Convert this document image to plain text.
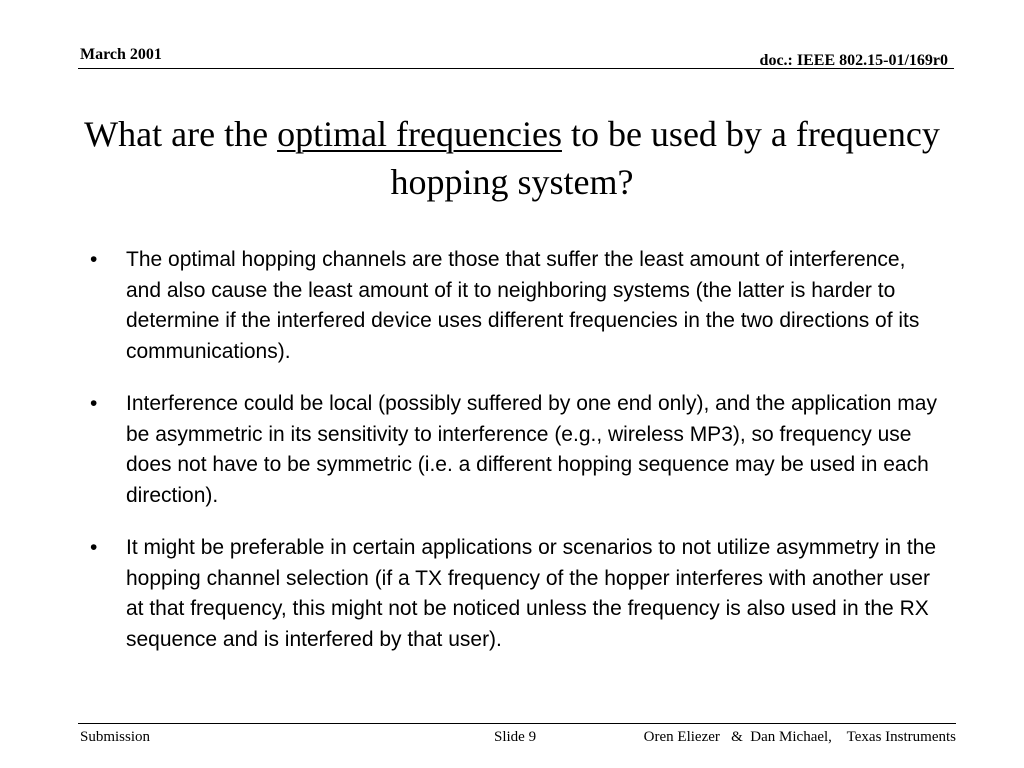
March 2001	doc.: IEEE 802.15-01/169r0
What are the optimal frequencies to be used by a frequency hopping system?
•	The optimal hopping channels are those that suffer the least amount of interference, and also cause the least amount of it to neighboring systems (the latter is harder to determine if the interfered device uses different frequencies in the two directions of its communications).
•	Interference could be local (possibly suffered by one end only), and the application may be asymmetric in its sensitivity to interference (e.g., wireless MP3), so frequency use does not have to be symmetric (i.e. a different hopping sequence may be used in each direction).
•	It might be preferable in certain applications or scenarios to not utilize asymmetry in the hopping channel selection (if a TX frequency of the hopper interferes with another user at that frequency, this might not be noticed unless the frequency is also used in the RX sequence and is interfered by that user).
Submission	Slide 9	Oren Eliezer   &  Dan Michael,    Texas Instruments
